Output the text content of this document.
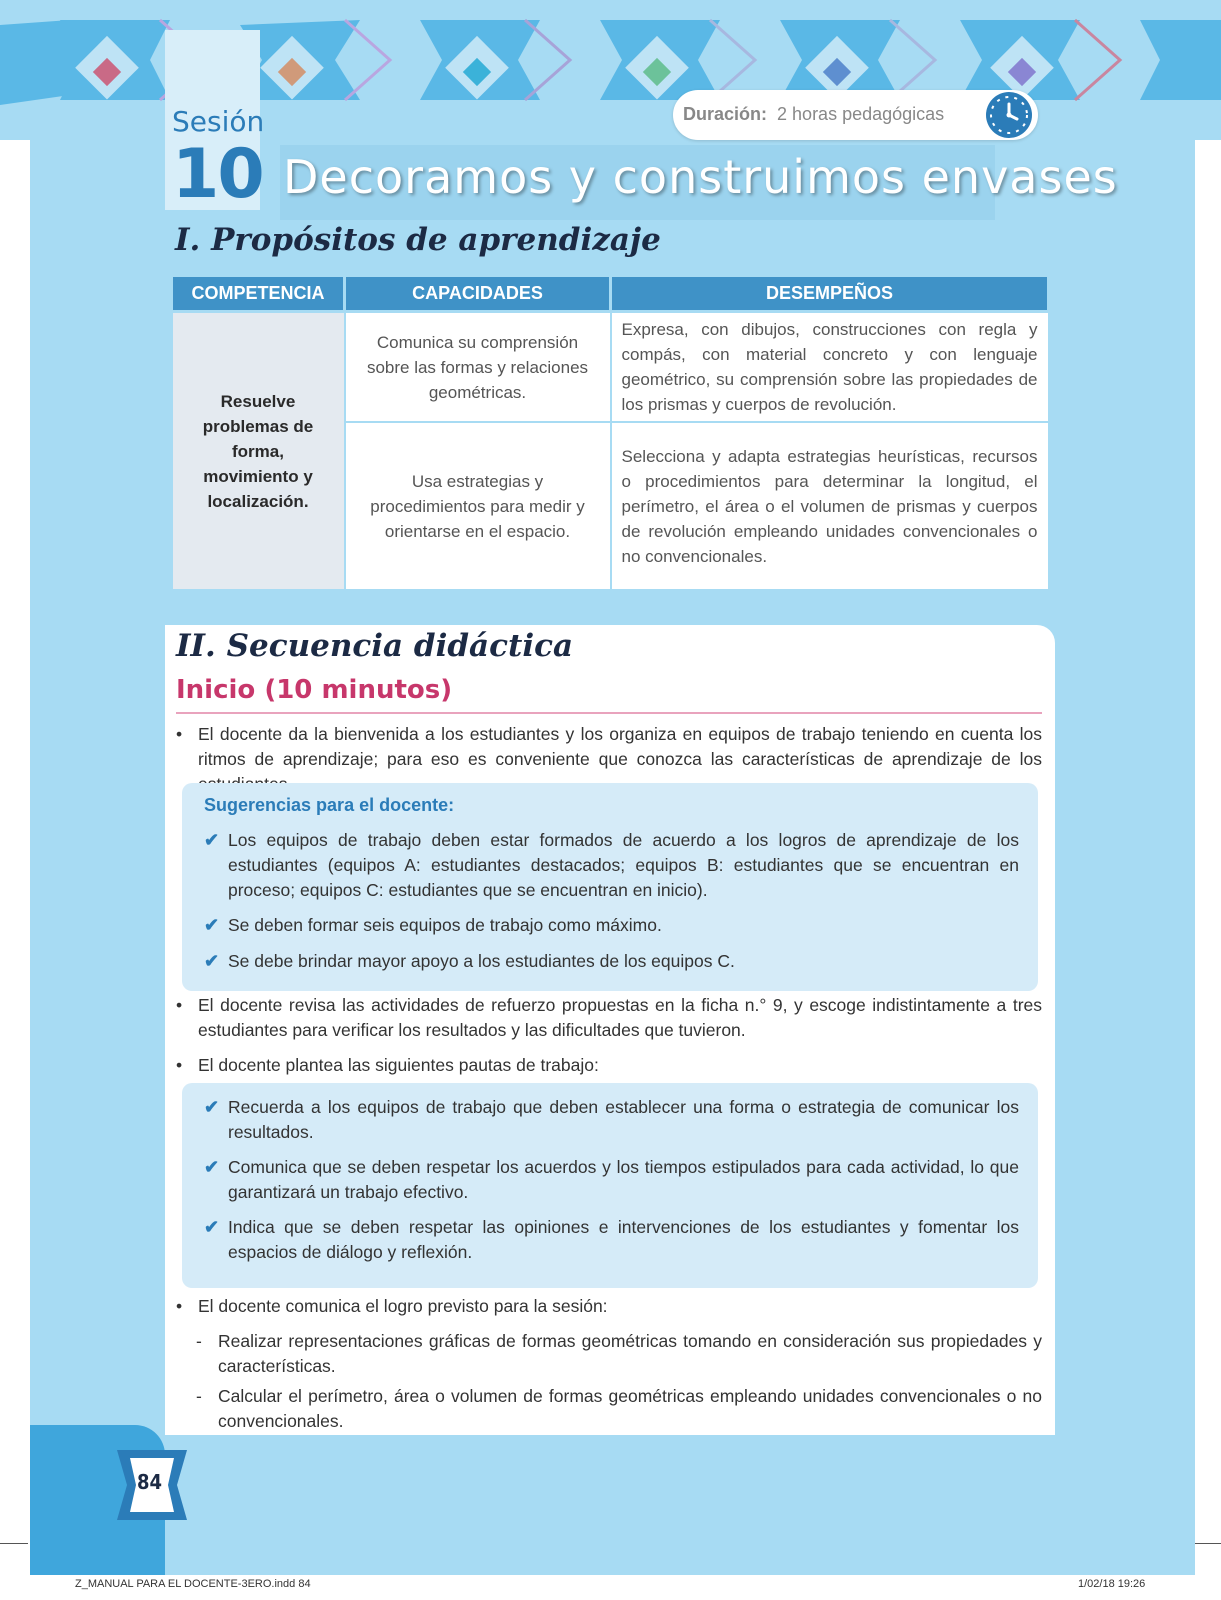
Sesión
10 Decoramos y construimos envases
Duración: 2 horas pedagógicas
I. Propósitos de aprendizaje
COMPETENCIA	CAPACIDADES	DESEMPEÑOS
Resuelve problemas de forma, movimiento y localización.	Comunica su comprensión sobre las formas y relaciones geométricas.	Expresa, con dibujos, construcciones con regla y compás, con material concreto y con lenguaje geométrico, su comprensión sobre las propiedades de los prismas y cuerpos de revolución.
	Usa estrategias y procedimientos para medir y orientarse en el espacio.	Selecciona y adapta estrategias heurísticas, recursos o procedimientos para determinar la longitud, el perímetro, el área o el volumen de prismas y cuerpos de revolución empleando unidades convencionales o no convencionales.
II. Secuencia didáctica
Inicio (10 minutos)
• El docente da la bienvenida a los estudiantes y los organiza en equipos de trabajo teniendo en cuenta los ritmos de aprendizaje; para eso es conveniente que conozca las características de aprendizaje de los
Sugerencias para el docente:
✔ Los equipos de trabajo deben estar formados de acuerdo a los logros de aprendizaje de los estudiantes (equipos A: estudiantes destacados; equipos B: estudiantes que se encuentran en proceso; equipos C: estudiantes que se encuentran en inicio).
✔ Se deben formar seis equipos de trabajo como máximo.
✔ Se debe brindar mayor apoyo a los estudiantes de los equipos C.
• El docente revisa las actividades de refuerzo propuestas en la ficha n.° 9, y escoge indistintamente a tres estudiantes para verificar los resultados y las dificultades que tuvieron.
• El docente plantea las siguientes pautas de trabajo:
✔ Recuerda a los equipos de trabajo que deben establecer una forma o estrategia de comunicar los resultados.
✔ Comunica que se deben respetar los acuerdos y los tiempos estipulados para cada actividad, lo que garantizará un trabajo efectivo.
✔ Indica que se deben respetar las opiniones e intervenciones de los estudiantes y fomentar los espacios de diálogo y reflexión.
• El docente comunica el logro previsto para la sesión:
- Realizar representaciones gráficas de formas geométricas tomando en consideración sus propiedades y características.
- Calcular el perímetro, área o volumen de formas geométricas empleando unidades convencionales o no convencionales.
84
Z_MANUAL PARA EL DOCENTE-3ERO.indd 84	1/02/18 19:26
